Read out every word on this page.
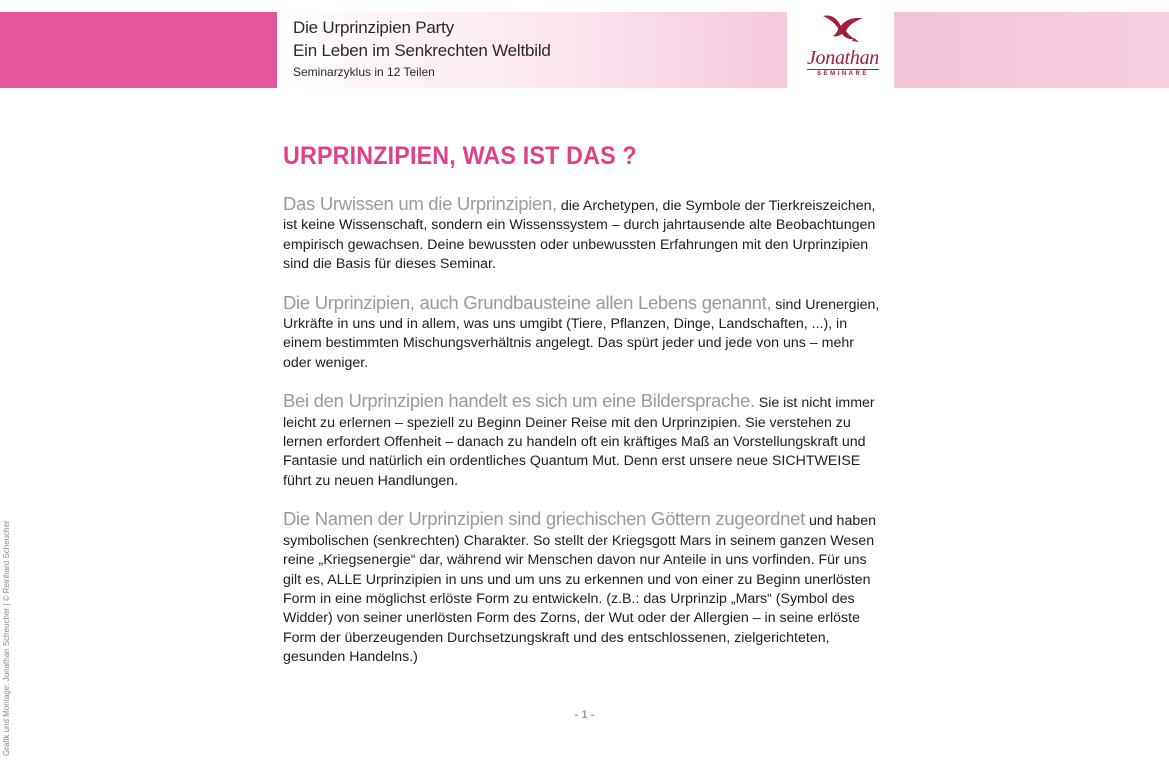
Die Urprinzipien Party
Ein Leben im Senkrechten Weltbild
Seminarzyklus in 12 Teilen
Jonathan
SEMINARE
URPRINZIPIEN, WAS IST DAS ?

Das Urwissen um die Urprinzipien, die Archetypen, die Symbole der Tierkreiszeichen, ist keine Wissenschaft, sondern ein Wissenssystem – durch jahrtausende alte Beobachtungen empirisch gewachsen. Deine bewussten oder unbewussten Erfahrungen mit den Urprinzipien sind die Basis für dieses Seminar.

Die Urprinzipien, auch Grundbausteine allen Lebens genannt, sind Urenergien, Urkräfte in uns und in allem, was uns umgibt (Tiere, Pflanzen, Dinge, Landschaften, ...), in einem bestimmten Mischungsverhältnis angelegt. Das spürt jeder und jede von uns – mehr oder weniger.

Bei den Urprinzipien handelt es sich um eine Bildersprache. Sie ist nicht immer leicht zu erlernen – speziell zu Beginn Deiner Reise mit den Urprinzipien. Sie verstehen zu lernen erfordert Offenheit – danach zu handeln oft ein kräftiges Maß an Vorstellungskraft und Fantasie und natürlich ein ordentliches Quantum Mut. Denn erst unsere neue SICHTWEISE führt zu neuen Handlungen.

Die Namen der Urprinzipien sind griechischen Göttern zugeordnet und haben symbolischen (senkrechten) Charakter. So stellt der Kriegsgott Mars in seinem ganzen Wesen reine „Kriegsenergie“ dar, während wir Menschen davon nur Anteile in uns vorfinden. Für uns gilt es, ALLE Urprinzipien in uns und um uns zu erkennen und von einer zu Beginn unerlösten Form in eine möglichst erlöste Form zu entwickeln. (z.B.: das Urprinzip „Mars“ (Symbol des Widder) von seiner unerlösten Form des Zorns, der Wut oder der Allergien – in seine erlöste Form der überzeugenden Durchsetzungskraft und des entschlossenen, zielgerichteten, gesunden Handelns.)

- 1 -
Grafik und Montage: Jonathan Scheucher | © Reinhard Scheucher
